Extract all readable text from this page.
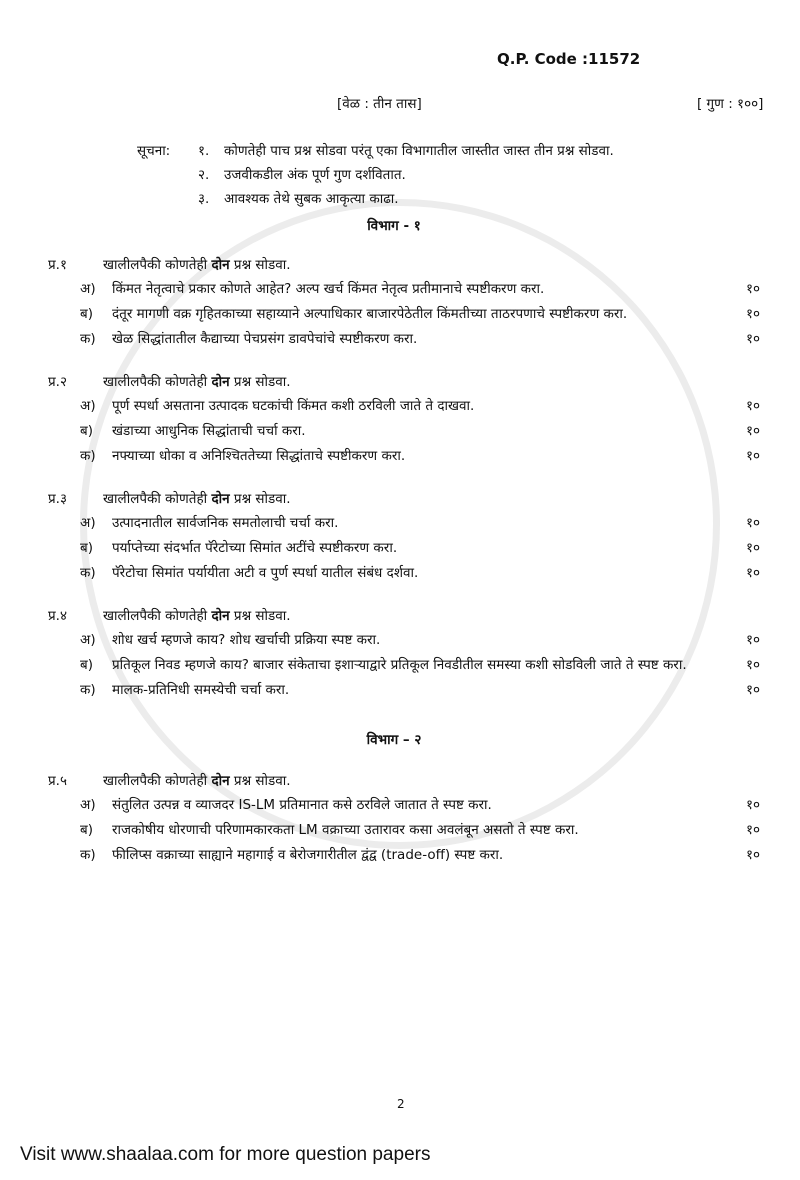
Q.P. Code :11572
[वेळ : तीन तास]	[ गुण : १००]
सूचना:	१.	कोणतेही पाच प्रश्न सोडवा परंतू एका विभागातील जास्तीत जास्त तीन प्रश्न सोडवा.
२.	उजवीकडील अंक पूर्ण गुण दर्शवितात.
३.	आवश्यक तेथे सुबक आकृत्या काढा.
विभाग - १
प्र.१	खालीलपैकी कोणतेही दोन प्रश्न सोडवा.
अ)	किंमत नेतृत्वाचे प्रकार कोणते आहेत? अल्प खर्च किंमत नेतृत्व प्रतीमानाचे स्पष्टीकरण करा.	१०
ब)	दंतूर मागणी वक्र गृहितकाच्या सहाय्याने अल्पाधिकार बाजारपेठेतील किंमतीच्या ताठरपणाचे स्पष्टीकरण करा.	१०
क)	खेळ सिद्धांतातील कैद्याच्या पेचप्रसंग डावपेचांचे स्पष्टीकरण करा.	१०
प्र.२	खालीलपैकी कोणतेही दोन प्रश्न सोडवा.
अ)	पूर्ण स्पर्धा असताना उत्पादक घटकांची किंमत कशी ठरविली जाते ते दाखवा.	१०
ब)	खंडाच्या आधुनिक सिद्धांताची चर्चा करा.	१०
क)	नफ्याच्या धोका व अनिश्चिततेच्या सिद्धांताचे स्पष्टीकरण करा.	१०
प्र.३	खालीलपैकी कोणतेही दोन प्रश्न सोडवा.
अ)	उत्पादनातील सार्वजनिक समतोलाची चर्चा करा.	१०
ब)	पर्याप्तेच्या संदर्भात पॅरेटोच्या सिमांत अटींचे स्पष्टीकरण करा.	१०
क)	पॅरेटोचा सिमांत पर्यायीता अटी व पुर्ण स्पर्धा यातील संबंध दर्शवा.	१०
प्र.४	खालीलपैकी कोणतेही दोन प्रश्न सोडवा.
अ)	शोध खर्च म्हणजे काय? शोध खर्चाची प्रक्रिया स्पष्ट करा.	१०
ब)	प्रतिकूल निवड म्हणजे काय? बाजार संकेताचा इशाऱ्याद्वारे प्रतिकूल निवडीतील समस्या कशी सोडविली जाते ते स्पष्ट करा.	१०
क)	मालक-प्रतिनिधी समस्येची चर्चा करा.	१०
विभाग – २
प्र.५	खालीलपैकी कोणतेही दोन प्रश्न सोडवा.
अ)	संतुलित उत्पन्न व व्याजदर IS-LM प्रतिमानात कसे ठरविले जातात ते स्पष्ट करा.	१०
ब)	राजकोषीय धोरणाची परिणामकारकता LM वक्राच्या उतारावर कसा अवलंबून असतो ते स्पष्ट करा.	१०
क)	फीलिप्स वक्राच्या साह्याने महागाई व बेरोजगारीतील द्वंद्व (trade-off) स्पष्ट करा.	१०
2
Visit www.shaalaa.com for more question papers
